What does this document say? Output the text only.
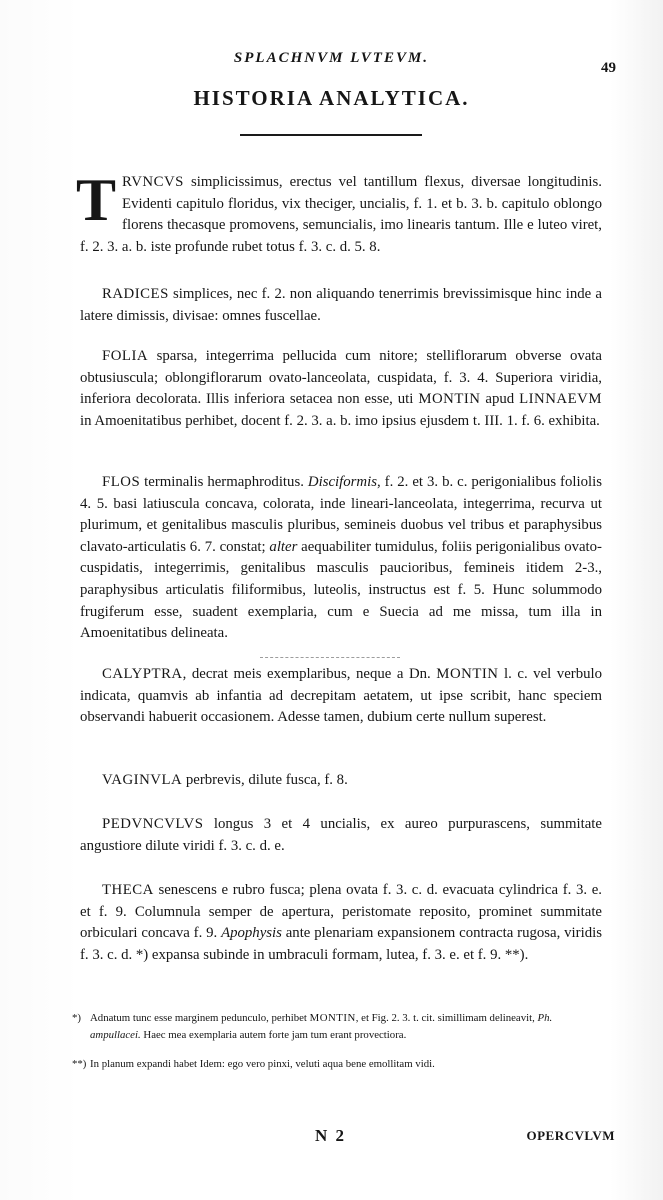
SPLACHNVM LVTEVM.
49
HISTORIA ANALYTICA.

TRVNCVS simplicissimus, erectus vel tantillum flexus, diversae longitudinis. Evidenti capitulo floridus, vix theciger, uncialis, f. 1. et b. 3. b. capitulo oblongo florens thecasque promovens, semuncialis, imo linearis tantum. Ille e luteo viret, f. 2. 3. a. b. iste profunde rubet totus f. 3. c. d. 5. 8.

RADICES simplices, nec f. 2. non aliquando tenerrimis brevissimisque hinc inde a latere dimissis, divisae: omnes fuscellae.

FOLIA sparsa, integerrima pellucida cum nitore; stelliflorarum obverse ovata obtusiuscula; oblongiflorarum ovato-lanceolata, cuspidata, f. 3. 4. Superiora viridia, inferiora decolorata. Illis inferiora setacea non esse, uti MONTIN apud LINNAEVM in Amoenitatibus perhibet, docent f. 2. 3. a. b. imo ipsius ejusdem t. III. 1. f. 6. exhibita.

FLOS terminalis hermaphroditus. Disciformis, f. 2. et 3. b. c. perigonialibus foliolis 4. 5. basi latiuscula concava, colorata, inde lineari-lanceolata, integerrima, recurva ut plurimum, et genitalibus masculis pluribus, semineis duobus vel tribus et paraphysibus clavato-articulatis 6. 7. constat; alter aequabiliter tumidulus, foliis perigonialibus ovato-cuspidatis, integerrimis, genitalibus masculis paucioribus, femineis itidem 2-3., paraphysibus articulatis filiformibus, luteolis, instructus est f. 5. Hunc solummodo frugiferum esse, suadent exemplaria, cum e Suecia ad me missa, tum illa in Amoenitatibus delineata.

CALYPTRA, decrat meis exemplaribus, neque a Dn. MONTIN l. c. vel verbulo indicata, quamvis ab infantia ad decrepitam aetatem, ut ipse scribit, hanc speciem observandi habuerit occasionem. Adesse tamen, dubium certe nullum superest.

VAGINVLA perbrevis, dilute fusca, f. 8.

PEDVNCVLVS longus 3 et 4 uncialis, ex aureo purpurascens, summitate angustiore dilute viridi f. 3. c. d. e.

THECA senescens e rubro fusca; plena ovata f. 3. c. d. evacuata cylindrica f. 3. e. et f. 9. Columnula semper de apertura, peristomate reposito, prominet summitate orbiculari concava f. 9. Apophysis ante plenariam expansionem contracta rugosa, viridis f. 3. c. d. *) expansa subinde in umbraculi formam, lutea, f. 3. e. et f. 9. **).

*) Adnatum tunc esse marginem pedunculo, perhibet MONTIN, et Fig. 2. 3. t. cit. simillimam delineavit, Ph. ampullacei. Haec mea exemplaria autem forte jam tum erant provectiora.
**) In planum expandi habet Idem: ego vero pinxi, veluti aqua bene emollitam vidi.
N 2	OPERCVLVM
